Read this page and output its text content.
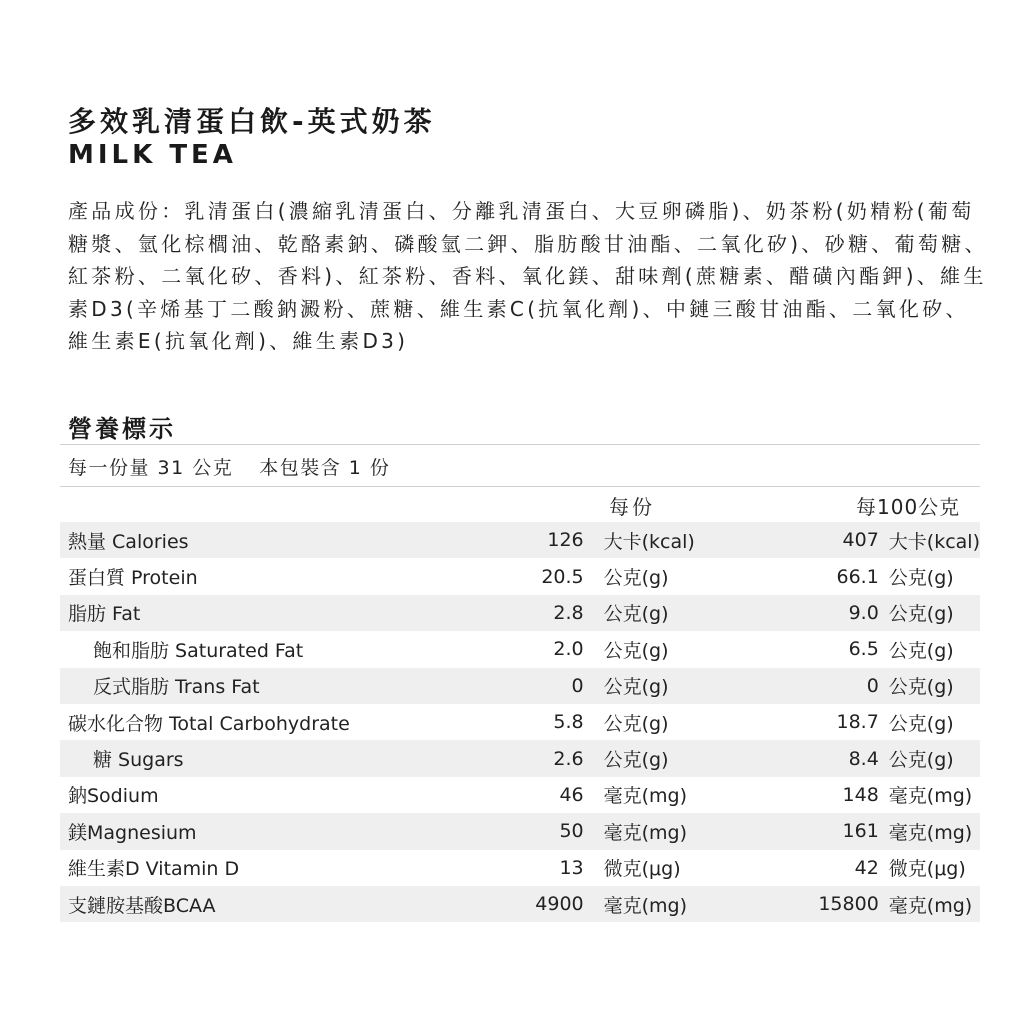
多效乳清蛋白飲-英式奶茶
MILK TEA
產品成份：乳清蛋白(濃縮乳清蛋白、分離乳清蛋白、大豆卵磷脂)、奶茶粉(奶精粉(葡萄糖漿、氫化棕櫚油、乾酪素鈉、磷酸氫二鉀、脂肪酸甘油酯、二氧化矽)、砂糖、葡萄糖、紅茶粉、二氧化矽、香料)、紅茶粉、香料、氧化鎂、甜味劑(蔗糖素、醋磺內酯鉀)、維生素D3(辛烯基丁二酸鈉澱粉、蔗糖、維生素C(抗氧化劑)、中鏈三酸甘油酯、二氧化矽、維生素E(抗氧化劑)、維生素D3)
營養標示
每一份量 31 公克 本包裝含 1 份
每份	每100公克
熱量 Calories	126	大卡(kcal)	407	大卡(kcal)
蛋白質 Protein	20.5	公克(g)	66.1	公克(g)
脂肪 Fat	2.8	公克(g)	9.0	公克(g)
飽和脂肪 Saturated Fat	2.0	公克(g)	6.5	公克(g)
反式脂肪 Trans Fat	0	公克(g)	0	公克(g)
碳水化合物 Total Carbohydrate	5.8	公克(g)	18.7	公克(g)
糖 Sugars	2.6	公克(g)	8.4	公克(g)
鈉Sodium	46	毫克(mg)	148	毫克(mg)
鎂Magnesium	50	毫克(mg)	161	毫克(mg)
維生素D Vitamin D	13	微克(μg)	42	微克(μg)
支鏈胺基酸BCAA	4900	毫克(mg)	15800	毫克(mg)
